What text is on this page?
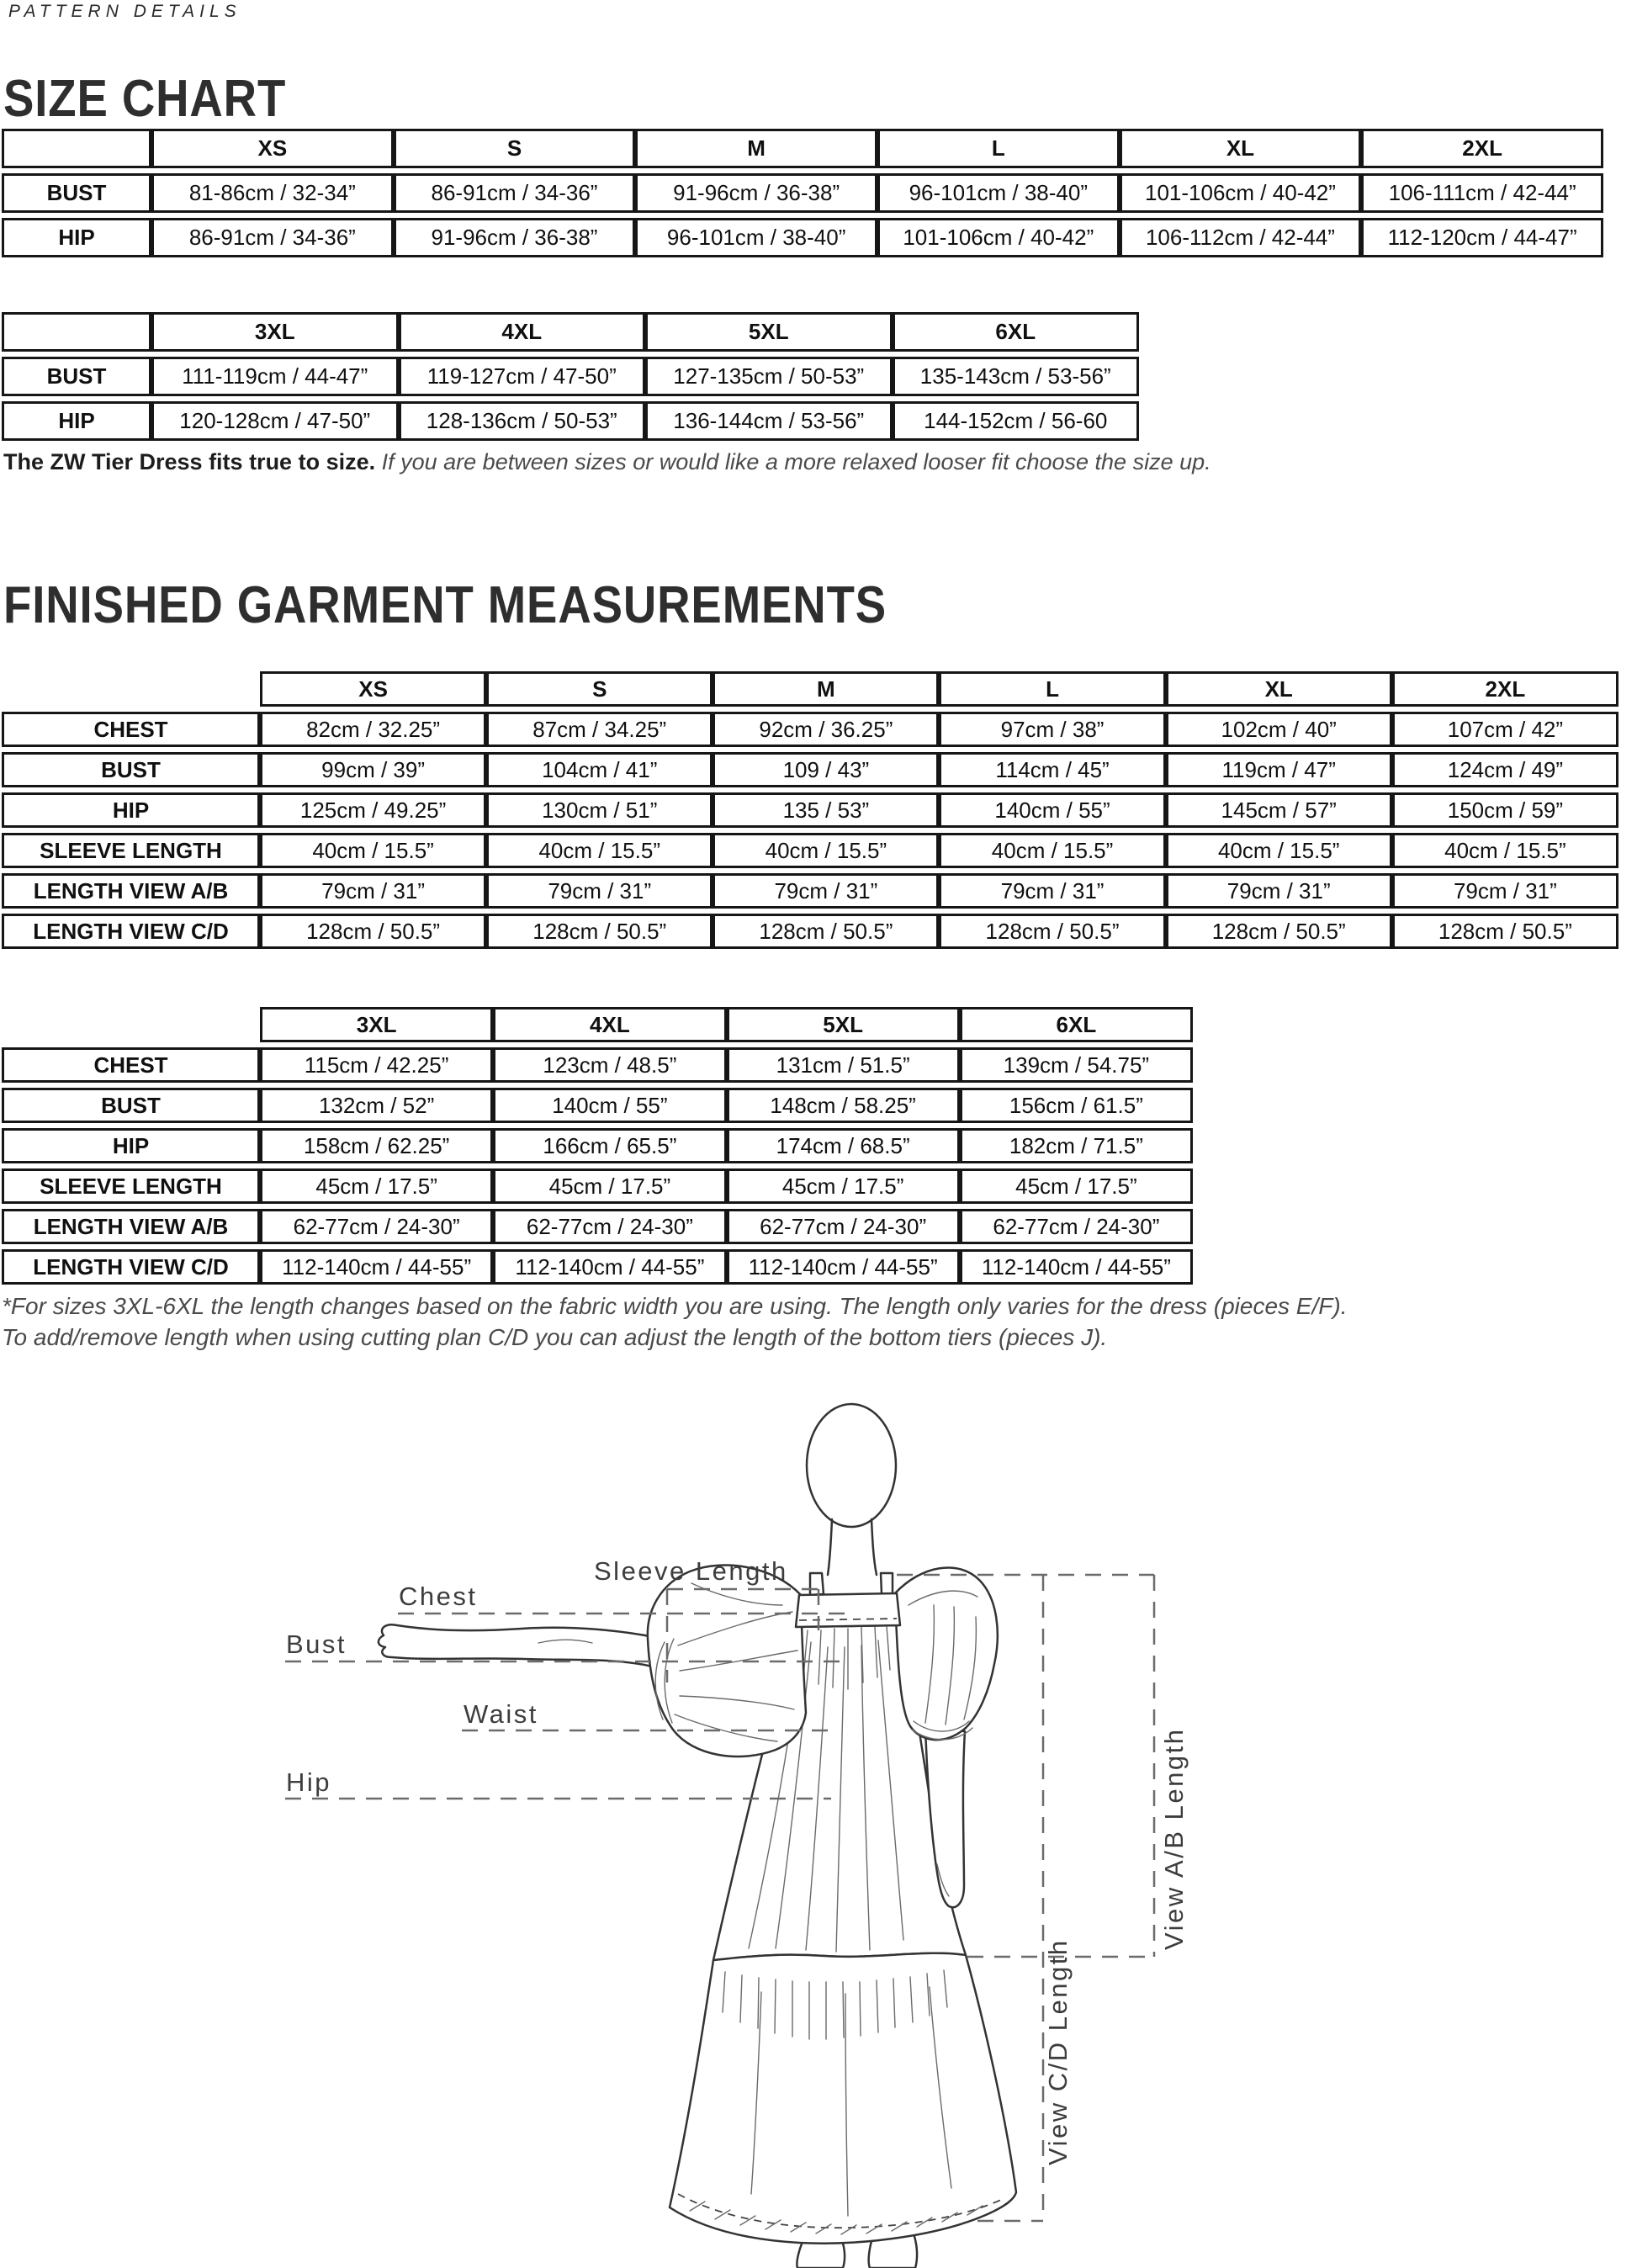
PATTERN DETAILS
SIZE CHART
	XS	S	M	L	XL	2XL
BUST	81-86cm / 32-34”	86-91cm / 34-36”	91-96cm / 36-38”	96-101cm / 38-40”	101-106cm / 40-42”	106-111cm / 42-44”
HIP	86-91cm / 34-36”	91-96cm / 36-38”	96-101cm / 38-40”	101-106cm / 40-42”	106-112cm / 42-44”	112-120cm / 44-47”
	3XL	4XL	5XL	6XL
BUST	111-119cm / 44-47”	119-127cm / 47-50”	127-135cm / 50-53”	135-143cm / 53-56”
HIP	120-128cm / 47-50”	128-136cm / 50-53”	136-144cm / 53-56”	144-152cm / 56-60
The ZW Tier Dress fits true to size. If you are between sizes or would like a more relaxed looser fit choose the size up.
FINISHED GARMENT MEASUREMENTS
	XS	S	M	L	XL	2XL
CHEST	82cm / 32.25”	87cm / 34.25”	92cm / 36.25”	97cm / 38”	102cm / 40”	107cm / 42”
BUST	99cm / 39”	104cm / 41”	109 / 43”	114cm / 45”	119cm / 47”	124cm / 49”
HIP	125cm / 49.25”	130cm / 51”	135 / 53”	140cm / 55”	145cm / 57”	150cm / 59”
SLEEVE LENGTH	40cm / 15.5”	40cm / 15.5”	40cm / 15.5”	40cm / 15.5”	40cm / 15.5”	40cm / 15.5”
LENGTH VIEW A/B	79cm / 31”	79cm / 31”	79cm / 31”	79cm / 31”	79cm / 31”	79cm / 31”
LENGTH VIEW C/D	128cm / 50.5”	128cm / 50.5”	128cm / 50.5”	128cm / 50.5”	128cm / 50.5”	128cm / 50.5”
	3XL	4XL	5XL	6XL
CHEST	115cm / 42.25”	123cm / 48.5”	131cm / 51.5”	139cm / 54.75”
BUST	132cm / 52”	140cm / 55”	148cm / 58.25”	156cm / 61.5”
HIP	158cm / 62.25”	166cm / 65.5”	174cm / 68.5”	182cm / 71.5”
SLEEVE LENGTH	45cm / 17.5”	45cm / 17.5”	45cm / 17.5”	45cm / 17.5”
LENGTH VIEW A/B	62-77cm / 24-30”	62-77cm / 24-30”	62-77cm / 24-30”	62-77cm / 24-30”
LENGTH VIEW C/D	112-140cm / 44-55”	112-140cm / 44-55”	112-140cm / 44-55”	112-140cm / 44-55”
*For sizes 3XL-6XL the length changes based on the fabric width you are using. The length only varies for the dress (pieces E/F).
To add/remove length when using cutting plan C/D you can adjust the length of the bottom tiers (pieces J).
Sleeve Length
Chest
Bust
Waist
Hip	View A/B Length
View C/D Length
